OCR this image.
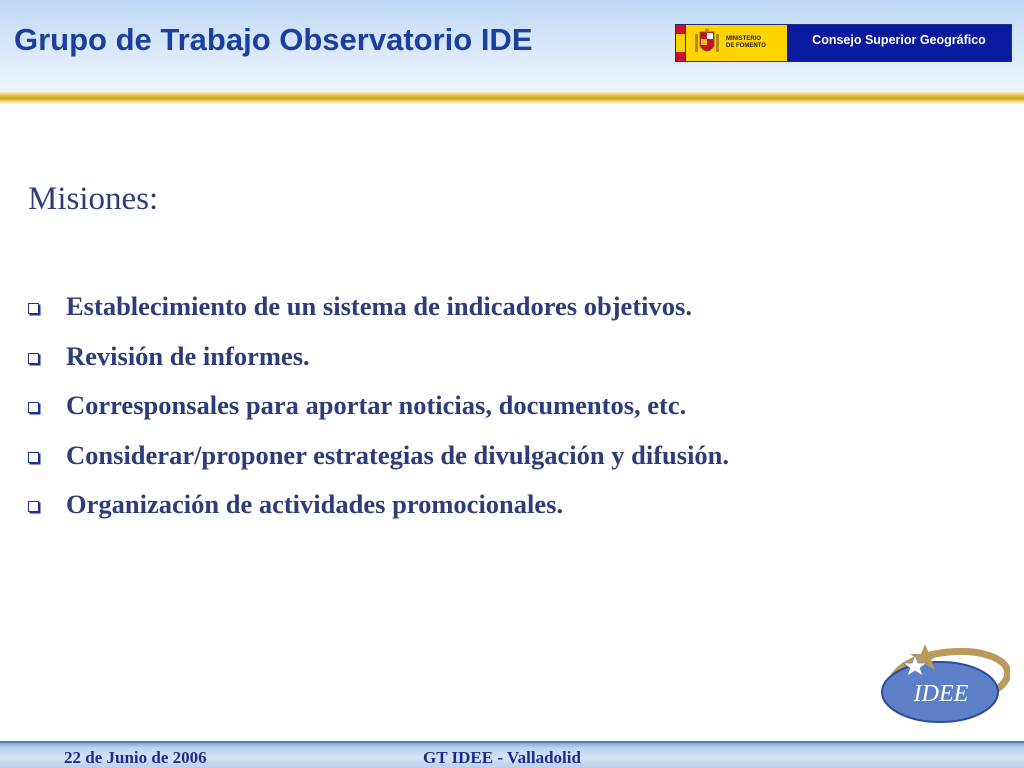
Grupo de Trabajo Observatorio IDE	MINISTERIO
DE FOMENTO	Consejo Superior Geográfico
Misiones:
Establecimiento de un sistema de indicadores objetivos.
Revisión de informes.
Corresponsales para aportar noticias, documentos, etc.
Considerar/proponer estrategias de divulgación y difusión.
Organización de actividades promocionales.
IDEE
22 de Junio de 2006	GT IDEE - Valladolid
